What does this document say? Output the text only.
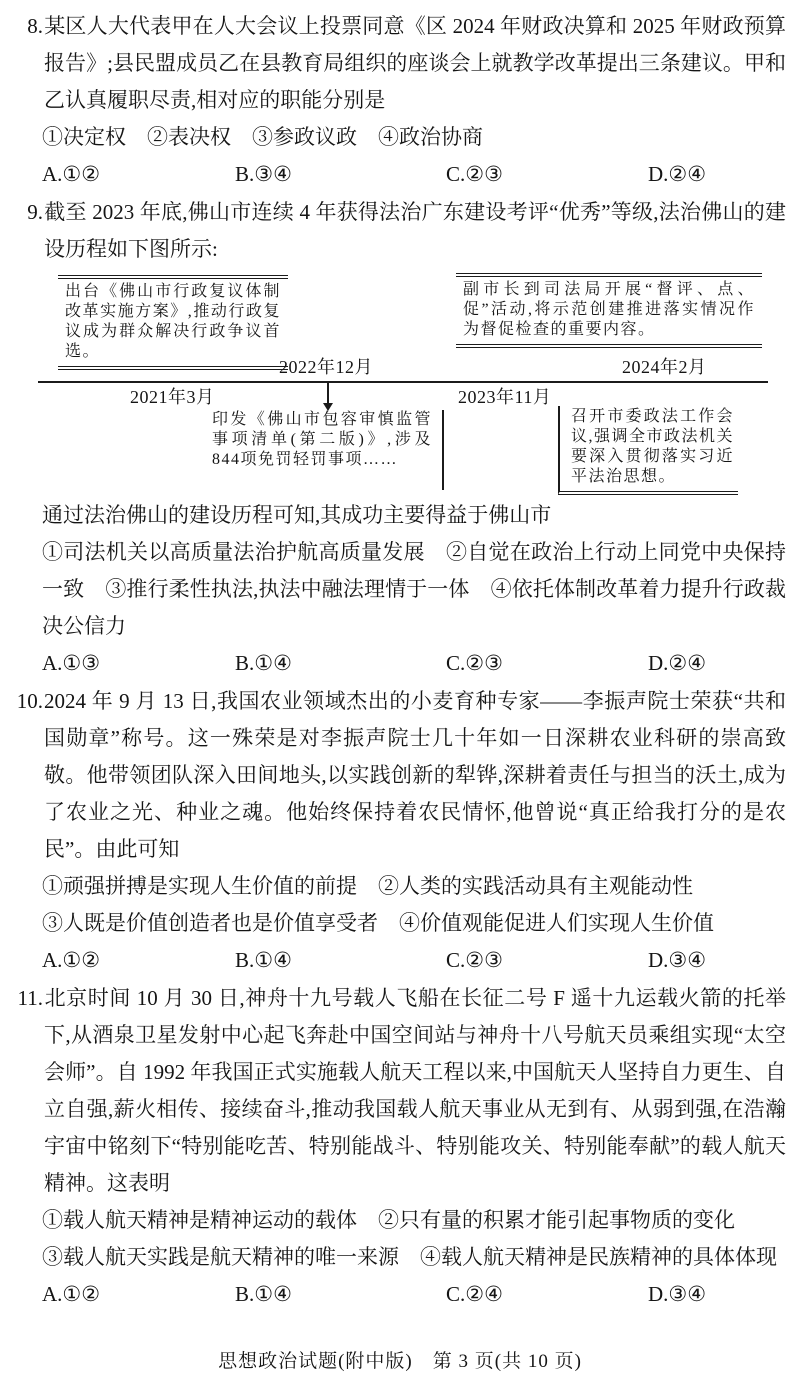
8.某区人大代表甲在人大会议上投票同意《区 2024 年财政决算和 2025 年财政预算报告》;县民盟成员乙在县教育局组织的座谈会上就教学改革提出三条建议。甲和乙认真履职尽责,相对应的职能分别是
①决定权　②表决权　③参政议政　④政治协商
A.①②	B.③④	C.②③	D.②④
9.截至 2023 年底,佛山市连续 4 年获得法治广东建设考评“优秀”等级,法治佛山的建设历程如下图所示:
出台《佛山市行政复议体制改革实施方案》,推动行政复议成为群众解决行政争议首选。
副市长到司法局开展“督评、点、促”活动,将示范创建推进落实情况作为督促检查的重要内容。
2021年3月
2022年12月
2023年11月
2024年2月
印发《佛山市包容审慎监管事项清单(第二版)》,涉及844项免罚轻罚事项……
召开市委政法工作会议,强调全市政法机关要深入贯彻落实习近平法治思想。
通过法治佛山的建设历程可知,其成功主要得益于佛山市
①司法机关以高质量法治护航高质量发展　②自觉在政治上行动上同党中央保持一致　③推行柔性执法,执法中融法理情于一体　④依托体制改革着力提升行政裁决公信力
A.①③	B.①④	C.②③	D.②④
10.2024 年 9 月 13 日,我国农业领域杰出的小麦育种专家——李振声院士荣获“共和国勋章”称号。这一殊荣是对李振声院士几十年如一日深耕农业科研的崇高致敬。他带领团队深入田间地头,以实践创新的犁铧,深耕着责任与担当的沃土,成为了农业之光、种业之魂。他始终保持着农民情怀,他曾说“真正给我打分的是农民”。由此可知
①顽强拼搏是实现人生价值的前提　②人类的实践活动具有主观能动性
③人既是价值创造者也是价值享受者　④价值观能促进人们实现人生价值
A.①②	B.①④	C.②③	D.③④
11.北京时间 10 月 30 日,神舟十九号载人飞船在长征二号 F 遥十九运载火箭的托举下,从酒泉卫星发射中心起飞奔赴中国空间站与神舟十八号航天员乘组实现“太空会师”。自 1992 年我国正式实施载人航天工程以来,中国航天人坚持自力更生、自立自强,薪火相传、接续奋斗,推动我国载人航天事业从无到有、从弱到强,在浩瀚宇宙中铭刻下“特别能吃苦、特别能战斗、特别能攻关、特别能奉献”的载人航天精神。这表明
①载人航天精神是精神运动的载体　②只有量的积累才能引起事物质的变化
③载人航天实践是航天精神的唯一来源　④载人航天精神是民族精神的具体体现
A.①②	B.①④	C.②④	D.③④
思想政治试题(附中版)　第 3 页(共 10 页)
